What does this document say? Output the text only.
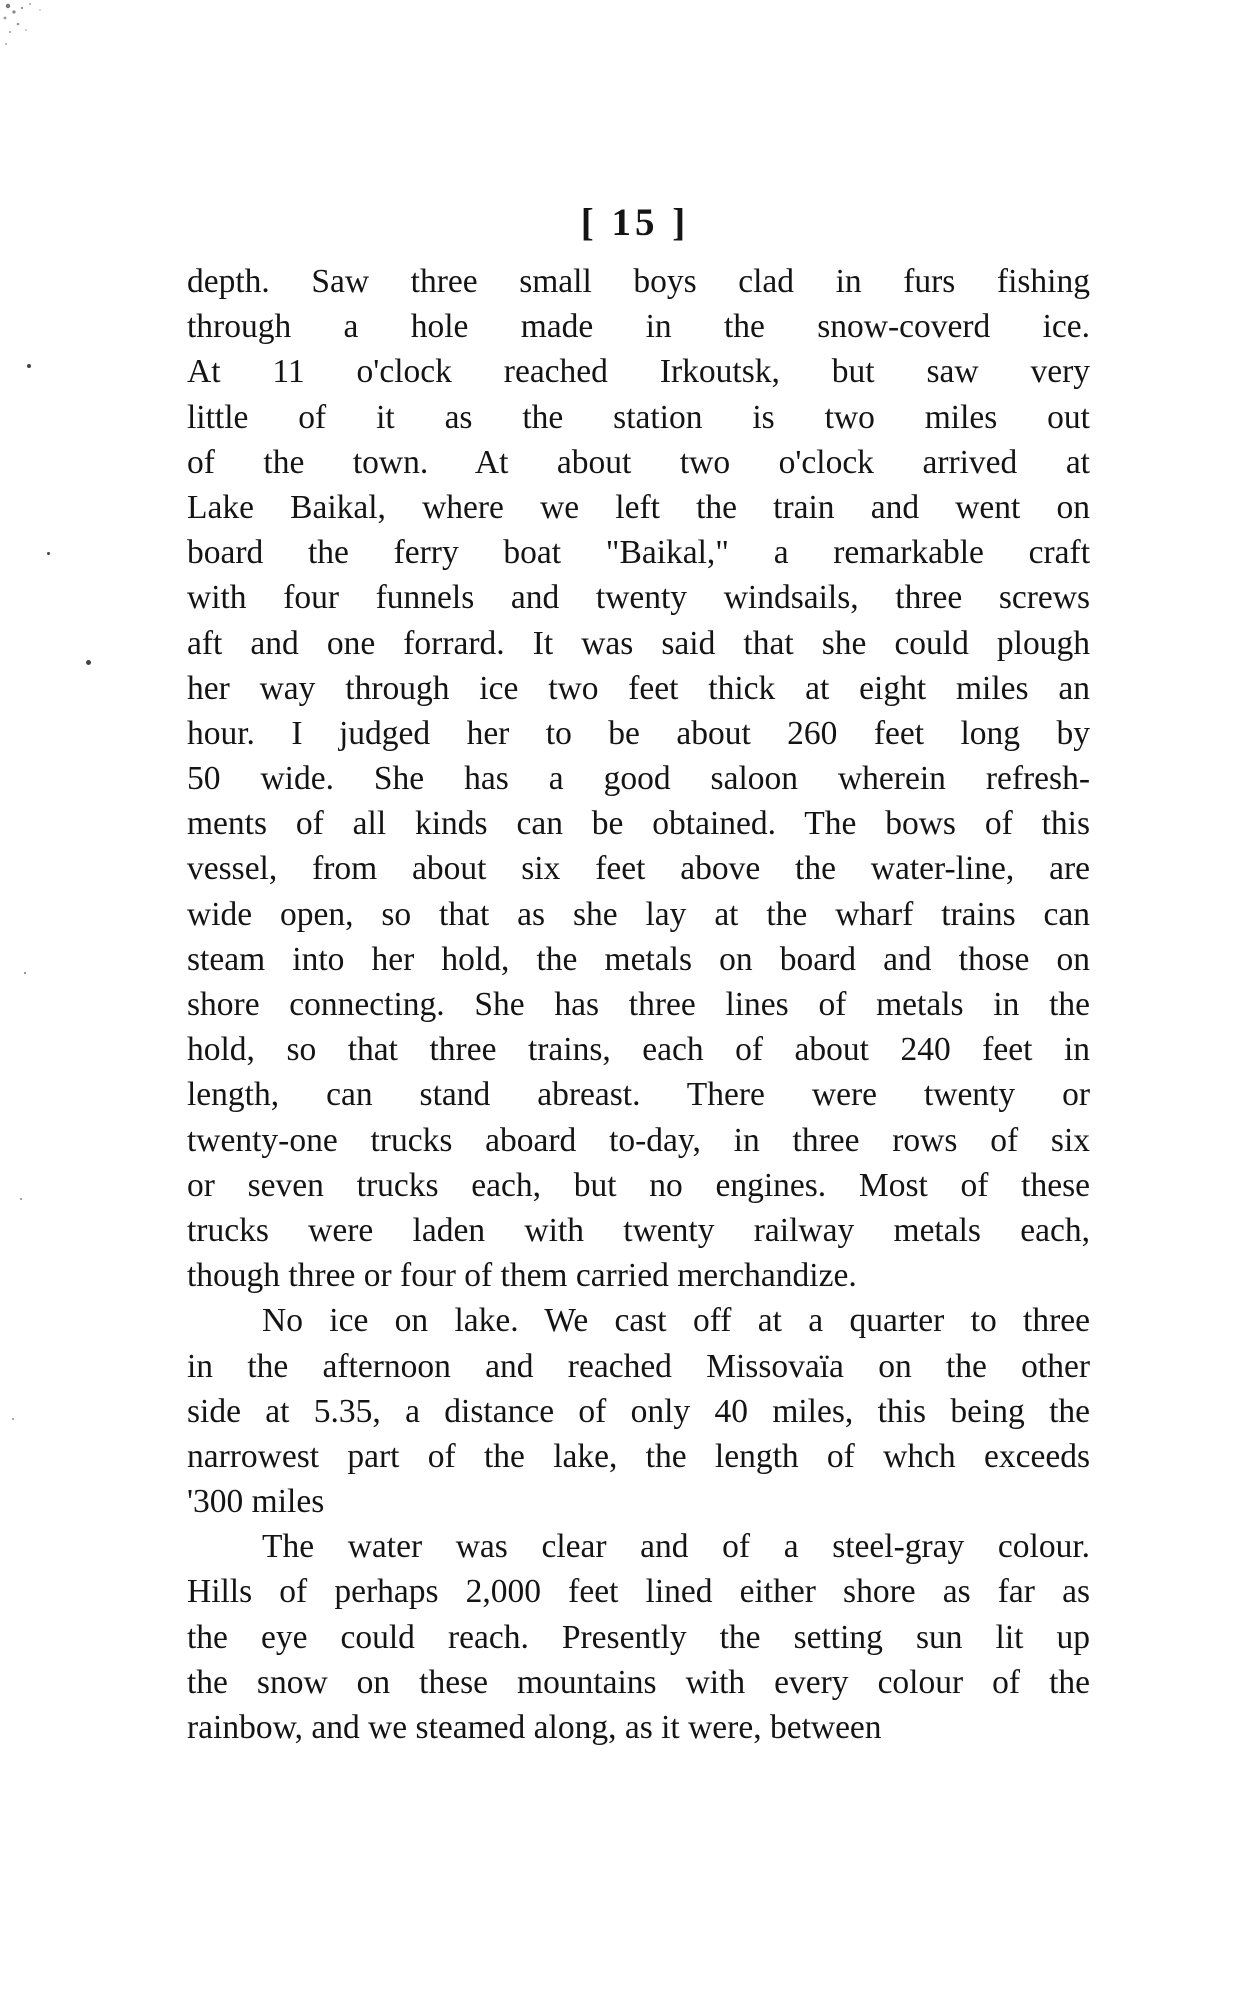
[ 15 ]
depth. Saw three small boys clad in furs fishing
through a hole made in the snow-coverd ice.
At 11 o'clock reached Irkoutsk, but saw very
little of it as the station is two miles out
of the town. At about two o'clock arrived at
Lake Baikal, where we left the train and went on
board the ferry boat "Baikal," a remarkable craft
with four funnels and twenty windsails, three screws
aft and one forrard. It was said that she could plough
her way through ice two feet thick at eight miles an
hour. I judged her to be about 260 feet long by
50 wide. She has a good saloon wherein refresh-
ments of all kinds can be obtained. The bows of this
vessel, from about six feet above the water-line, are
wide open, so that as she lay at the wharf trains can
steam into her hold, the metals on board and those on
shore connecting. She has three lines of metals in the
hold, so that three trains, each of about 240 feet in
length, can stand abreast. There were twenty or
twenty-one trucks aboard to-day, in three rows of six
or seven trucks each, but no engines. Most of these
trucks were laden with twenty railway metals each,
though three or four of them carried merchandize.
No ice on lake. We cast off at a quarter to three
in the afternoon and reached Missovaïa on the other
side at 5.35, a distance of only 40 miles, this being the
narrowest part of the lake, the length of whch exceeds
'300 miles
The water was clear and of a steel-gray colour.
Hills of perhaps 2,000 feet lined either shore as far as
the eye could reach. Presently the setting sun lit up
the snow on these mountains with every colour of the
rainbow, and we steamed along, as it were, between
